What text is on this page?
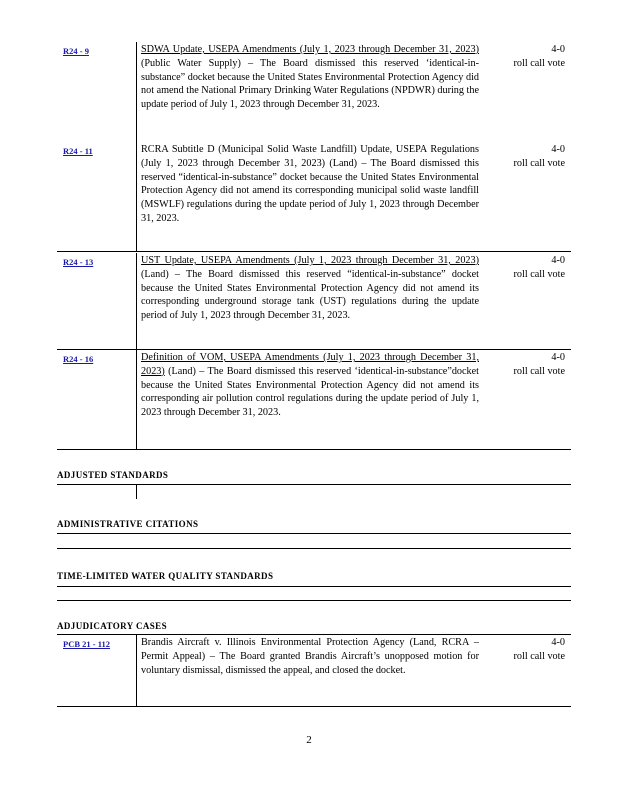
R24 - 9	SDWA Update, USEPA Amendments (July 1, 2023 through December 31, 2023) (Public Water Supply) – The Board dismissed this reserved ‘identical-in-substance” docket because the United States Environmental Protection Agency did not amend the National Primary Drinking Water Regulations (NPDWR) during the update period of July 1, 2023 through December 31, 2023.
4-0
roll call vote
R24 - 11	RCRA Subtitle D (Municipal Solid Waste Landfill) Update, USEPA Regulations (July 1, 2023 through December 31, 2023) (Land) – The Board dismissed this reserved “identical-in-substance” docket because the United States Environmental Protection Agency did not amend its corresponding municipal solid waste landfill (MSWLF) regulations during the update period of July 1, 2023 through December 31, 2023.
4-0
roll call vote
R24 - 13	UST Update, USEPA Amendments (July 1, 2023 through December 31, 2023) (Land) – The Board dismissed this reserved “identical-in-substance” docket because the United States Environmental Protection Agency did not amend its corresponding underground storage tank (UST) regulations during the update period of July 1, 2023 through December 31, 2023.
4-0
roll call vote
R24 - 16	Definition of VOM, USEPA Amendments (July 1, 2023 through December 31, 2023) (Land) – The Board dismissed this reserved ‘identical-in-substance”docket because the United States Environmental Protection Agency did not amend its corresponding air pollution control regulations during the update period of July 1, 2023 through December 31, 2023.
4-0
roll call vote
ADJUSTED STANDARDS
ADMINISTRATIVE CITATIONS
TIME-LIMITED WATER QUALITY STANDARDS
ADJUDICATORY CASES
PCB 21 - 112	Brandis Aircraft v. Illinois Environmental Protection Agency (Land, RCRA – Permit Appeal) – The Board granted Brandis Aircraft’s unopposed motion for voluntary dismissal, dismissed the appeal, and closed the docket.
4-0
roll call vote
2
